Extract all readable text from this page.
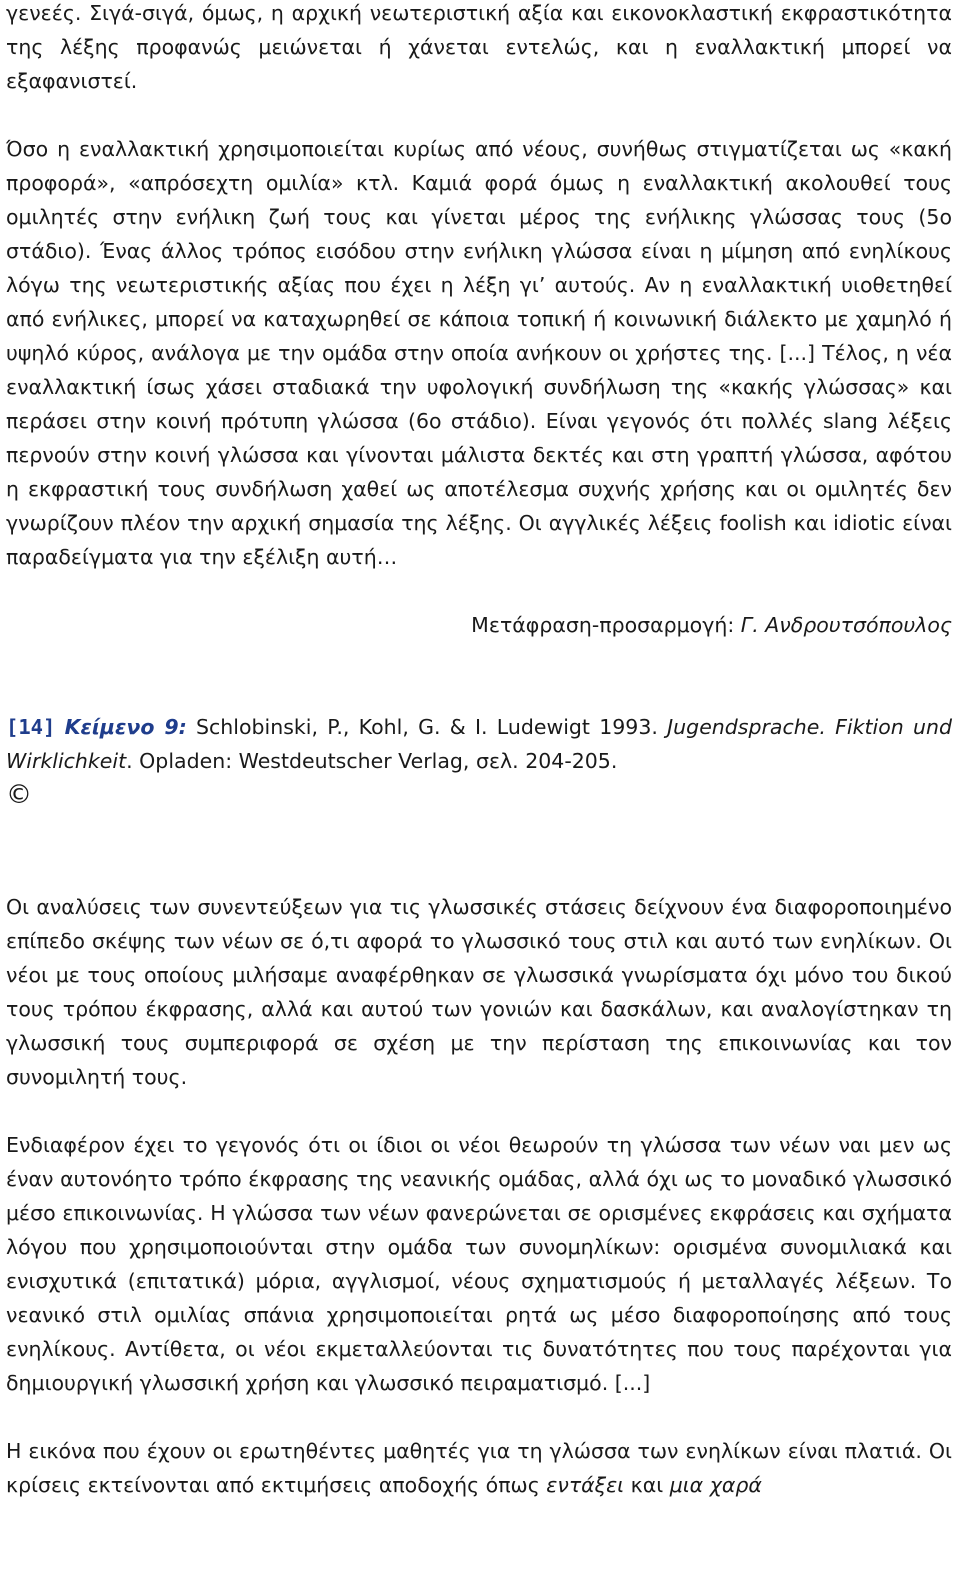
γενεές. Σιγά-σιγά, όμως, η αρχική νεωτεριστική αξία και εικονοκλαστική εκφραστικότητα της λέξης προφανώς μειώνεται ή χάνεται εντελώς, και η εναλλακτική μπορεί να εξαφανιστεί.

Όσο η εναλλακτική χρησιμοποιείται κυρίως από νέους, συνήθως στιγματίζεται ως «κακή προφορά», «απρόσεχτη ομιλία» κτλ. Καμιά φορά όμως η εναλλακτική ακολουθεί τους ομιλητές στην ενήλικη ζωή τους και γίνεται μέρος της ενήλικης γλώσσας τους (5ο στάδιο). Ένας άλλος τρόπος εισόδου στην ενήλικη γλώσσα είναι η μίμηση από ενηλίκους λόγω της νεωτεριστικής αξίας που έχει η λέξη γι’ αυτούς. Αν η εναλλακτική υιοθετηθεί από ενήλικες, μπορεί να καταχωρηθεί σε κάποια τοπική ή κοινωνική διάλεκτο με χαμηλό ή υψηλό κύρος, ανάλογα με την ομάδα στην οποία ανήκουν οι χρήστες της. [...] Τέλος, η νέα εναλλακτική ίσως χάσει σταδιακά την υφολογική συνδήλωση της «κακής γλώσσας» και περάσει στην κοινή πρότυπη γλώσσα (6ο στάδιο). Είναι γεγονός ότι πολλές slang λέξεις περνούν στην κοινή γλώσσα και γίνονται μάλιστα δεκτές και στη γραπτή γλώσσα, αφότου η εκφραστική τους συνδήλωση χαθεί ως αποτέλεσμα συχνής χρήσης και οι ομιλητές δεν γνωρίζουν πλέον την αρχική σημασία της λέξης. Οι αγγλικές λέξεις foolish και idiotic είναι παραδείγματα για την εξέλιξη αυτή…

Μετάφραση-προσαρμογή: Γ. Ανδρουτσόπουλος

[14] Κείμενο 9: Schlobinski, P., Kohl, G. & I. Ludewigt 1993. Jugendsprache. Fiktion und Wirklichkeit. Opladen: Westdeutscher Verlag, σελ. 204-205.

©

Οι αναλύσεις των συνεντεύξεων για τις γλωσσικές στάσεις δείχνουν ένα διαφοροποιημένο επίπεδο σκέψης των νέων σε ό,τι αφορά το γλωσσικό τους στιλ και αυτό των ενηλίκων. Οι νέοι με τους οποίους μιλήσαμε αναφέρθηκαν σε γλωσσικά γνωρίσματα όχι μόνο του δικού τους τρόπου έκφρασης, αλλά και αυτού των γονιών και δασκάλων, και αναλογίστηκαν τη γλωσσική τους συμπεριφορά σε σχέση με την περίσταση της επικοινωνίας και τον συνομιλητή τους.

Ενδιαφέρον έχει το γεγονός ότι οι ίδιοι οι νέοι θεωρούν τη γλώσσα των νέων ναι μεν ως έναν αυτονόητο τρόπο έκφρασης της νεανικής ομάδας, αλλά όχι ως το μοναδικό γλωσσικό μέσο επικοινωνίας. Η γλώσσα των νέων φανερώνεται σε ορισμένες εκφράσεις και σχήματα λόγου που χρησιμοποιούνται στην ομάδα των συνομηλίκων: ορισμένα συνομιλιακά και ενισχυτικά (επιτατικά) μόρια, αγγλισμοί, νέους σχηματισμούς ή μεταλλαγές λέξεων. Το νεανικό στιλ ομιλίας σπάνια χρησιμοποιείται ρητά ως μέσο διαφοροποίησης από τους ενηλίκους. Αντίθετα, οι νέοι εκμεταλλεύονται τις δυνατότητες που τους παρέχονται για δημιουργική γλωσσική χρήση και γλωσσικό πειραματισμό. [...]

Η εικόνα που έχουν οι ερωτηθέντες μαθητές για τη γλώσσα των ενηλίκων είναι πλατιά. Οι κρίσεις εκτείνονται από εκτιμήσεις αποδοχής όπως εντάξει και μια χαρά
